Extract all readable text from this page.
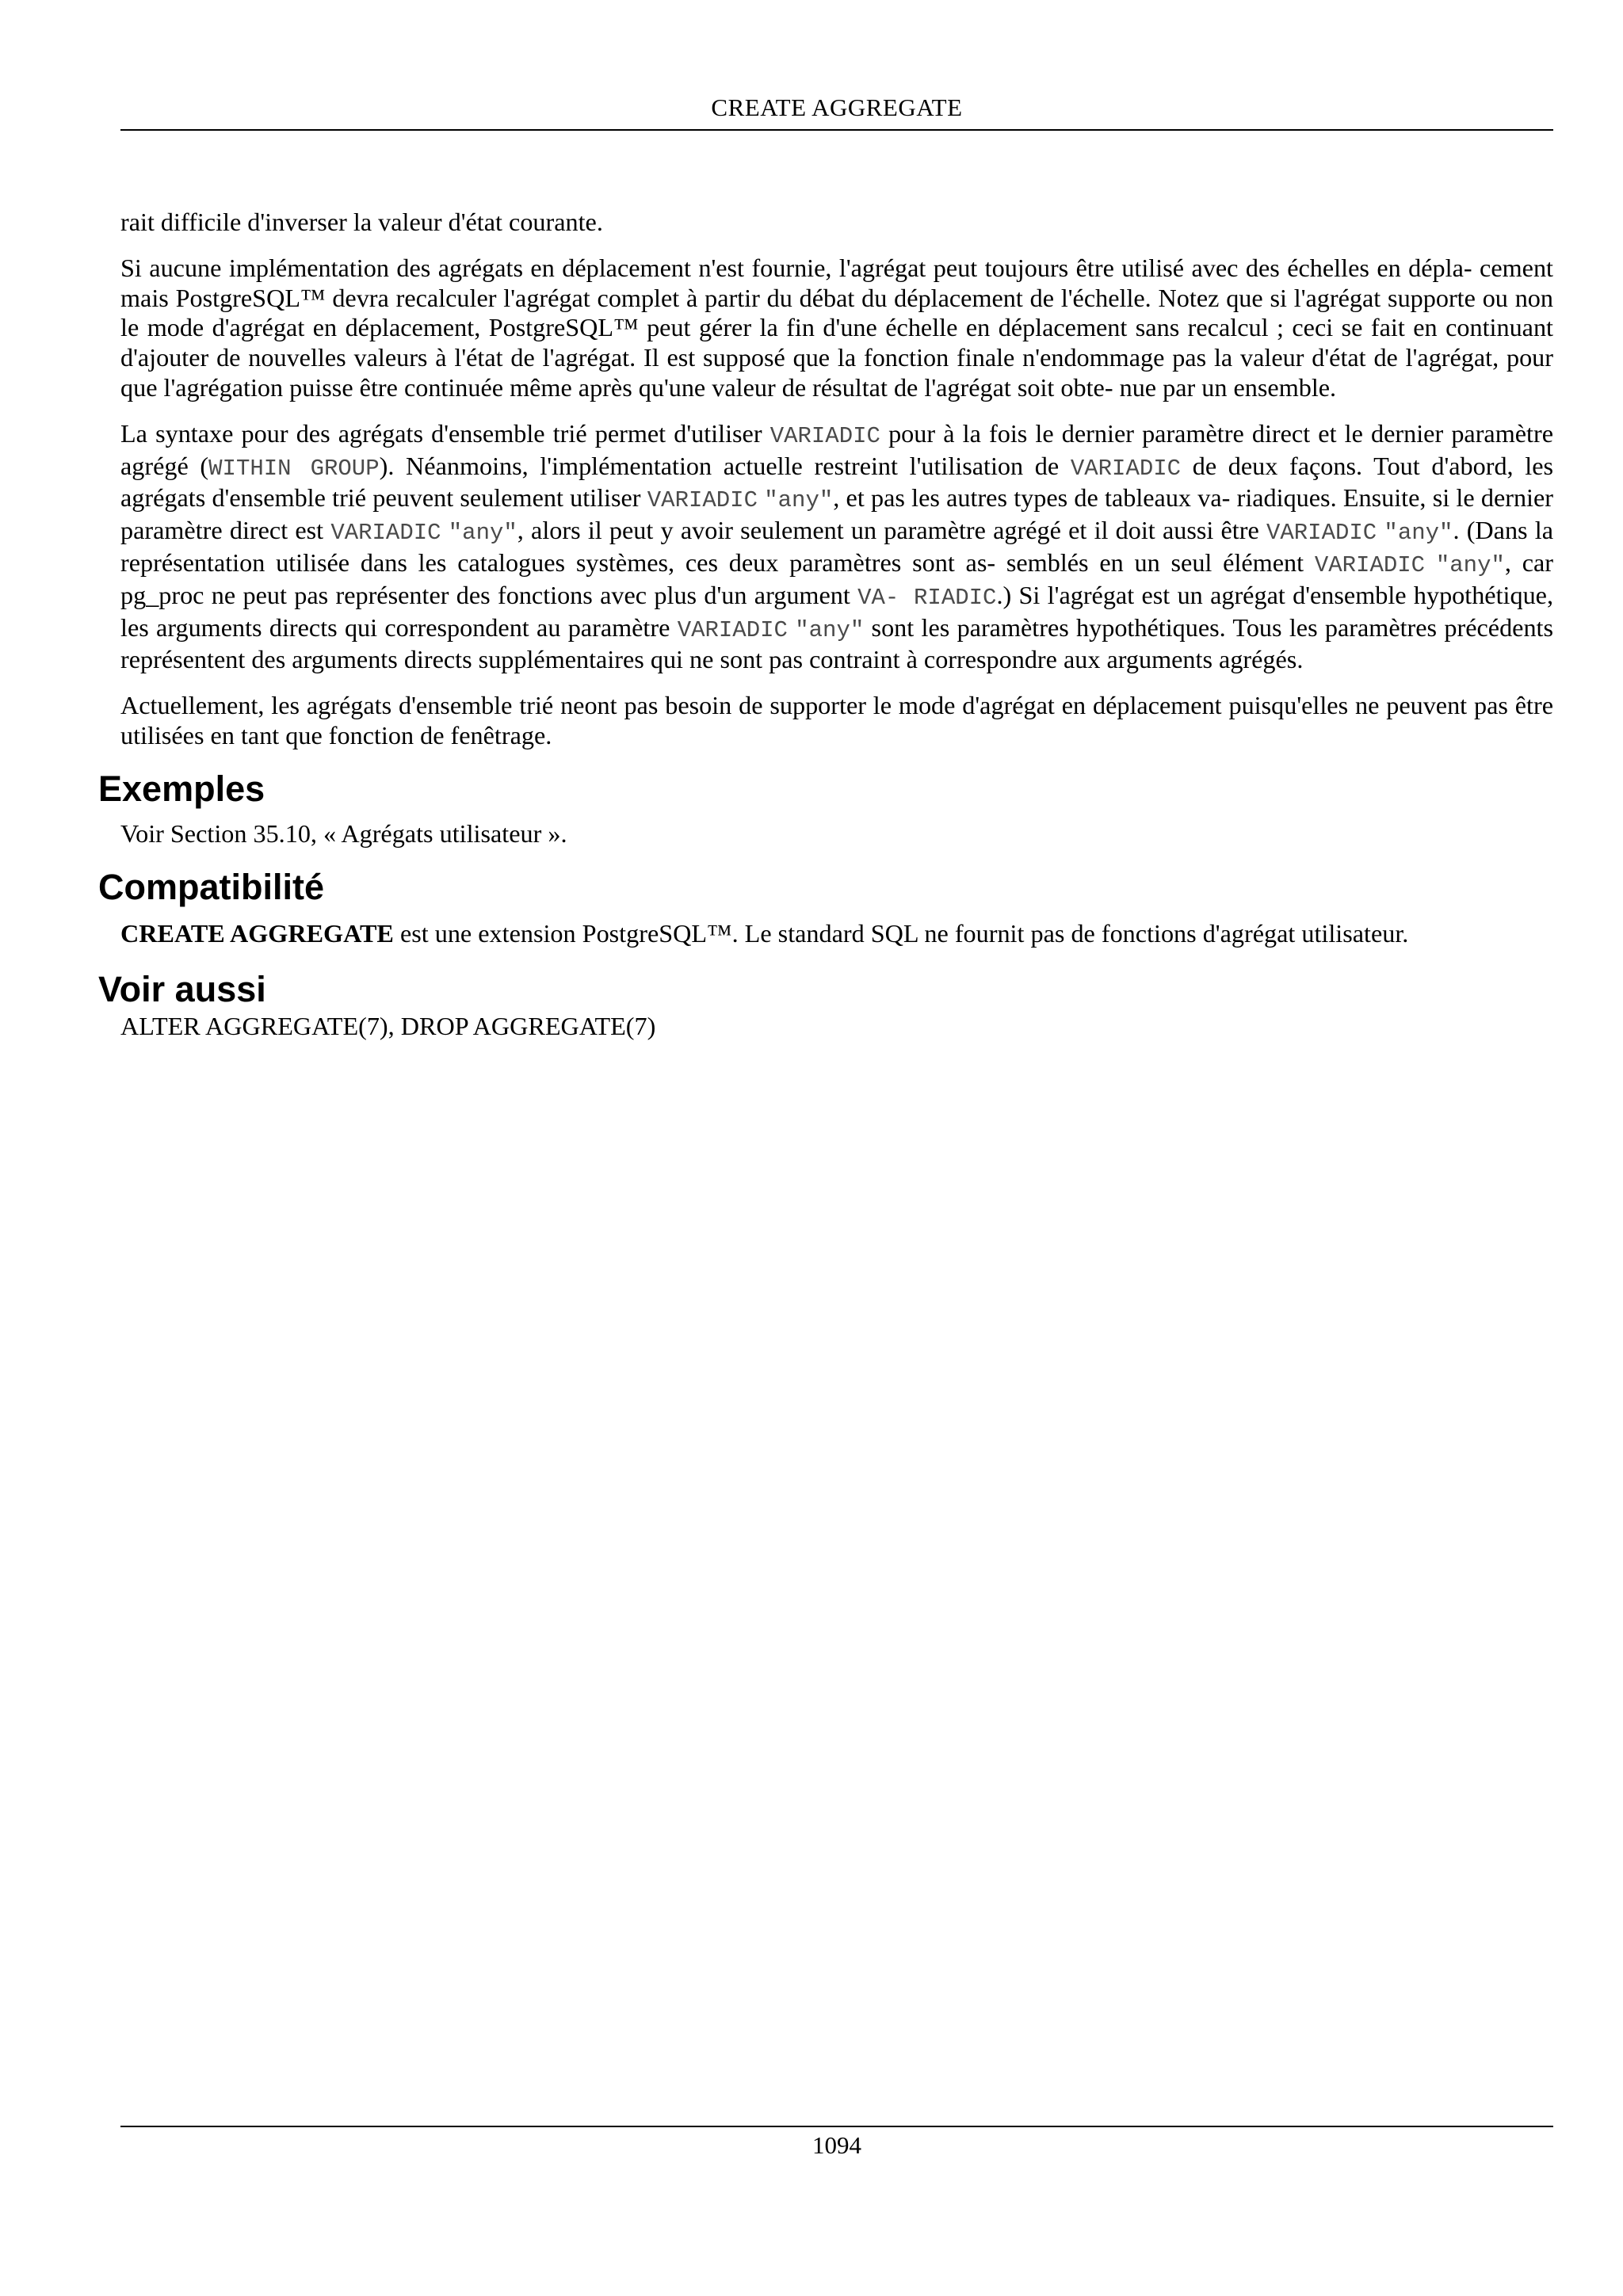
CREATE AGGREGATE

rait difficile d'inverser la valeur d'état courante.

Si aucune implémentation des agrégats en déplacement n'est fournie, l'agrégat peut toujours être utilisé avec des échelles en dépla- cement mais PostgreSQL™ devra recalculer l'agrégat complet à partir du débat du déplacement de l'échelle. Notez que si l'agrégat supporte ou non le mode d'agrégat en déplacement, PostgreSQL™ peut gérer la fin d'une échelle en déplacement sans recalcul ; ceci se fait en continuant d'ajouter de nouvelles valeurs à l'état de l'agrégat. Il est supposé que la fonction finale n'endommage pas la valeur d'état de l'agrégat, pour que l'agrégation puisse être continuée même après qu'une valeur de résultat de l'agrégat soit obte- nue par un ensemble.

La syntaxe pour des agrégats d'ensemble trié permet d'utiliser VARIADIC pour à la fois le dernier paramètre direct et le dernier paramètre agrégé (WITHIN GROUP). Néanmoins, l'implémentation actuelle restreint l'utilisation de VARIADIC de deux façons. Tout d'abord, les agrégats d'ensemble trié peuvent seulement utiliser VARIADIC "any", et pas les autres types de tableaux va- riadiques. Ensuite, si le dernier paramètre direct est VARIADIC "any", alors il peut y avoir seulement un paramètre agrégé et il doit aussi être VARIADIC "any". (Dans la représentation utilisée dans les catalogues systèmes, ces deux paramètres sont as- semblés en un seul élément VARIADIC "any", car pg_proc ne peut pas représenter des fonctions avec plus d'un argument VA- RIADIC.) Si l'agrégat est un agrégat d'ensemble hypothétique, les arguments directs qui correspondent au paramètre VARIADIC "any" sont les paramètres hypothétiques. Tous les paramètres précédents représentent des arguments directs supplémentaires qui ne sont pas contraint à correspondre aux arguments agrégés.

Actuellement, les agrégats d'ensemble trié neont pas besoin de supporter le mode d'agrégat en déplacement puisqu'elles ne peuvent pas être utilisées en tant que fonction de fenêtrage.

Exemples

Voir Section 35.10, « Agrégats utilisateur ».

Compatibilité

CREATE AGGREGATE est une extension PostgreSQL™. Le standard SQL ne fournit pas de fonctions d'agrégat utilisateur.

Voir aussi

ALTER AGGREGATE(7), DROP AGGREGATE(7)

1094
